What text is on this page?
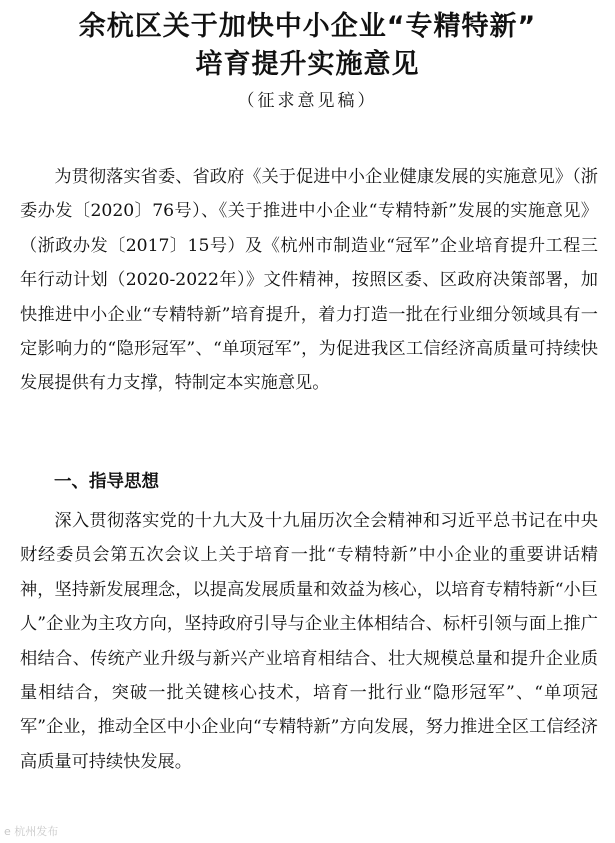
余杭区关于加快中小企业“专精特新”
培育提升实施意见
（征求意见稿）
为贯彻落实省委、省政府《关于促进中小企业健康发展的实施意见》（浙委办发〔2020〕76号）、《关于推进中小企业“专精特新”发展的实施意见》（浙政办发〔2017〕15号）及《杭州市制造业“冠军”企业培育提升工程三年行动计划（2020-2022年）》文件精神，按照区委、区政府决策部署，加快推进中小企业“专精特新”培育提升，着力打造一批在行业细分领域具有一定影响力的“隐形冠军”、“单项冠军”，为促进我区工信经济高质量可持续快发展提供有力支撑，特制定本实施意见。
一、指导思想
深入贯彻落实党的十九大及十九届历次全会精神和习近平总书记在中央财经委员会第五次会议上关于培育一批“专精特新”中小企业的重要讲话精神，坚持新发展理念，以提高发展质量和效益为核心，以培育专精特新“小巨人”企业为主攻方向，坚持政府引导与企业主体相结合、标杆引领与面上推广相结合、传统产业升级与新兴产业培育相结合、壮大规模总量和提升企业质量相结合，突破一批关键核心技术，培育一批行业“隐形冠军”、“单项冠军”企业，推动全区中小企业向“专精特新”方向发展，努力推进全区工信经济高质量可持续快发展。
e 杭州发布
